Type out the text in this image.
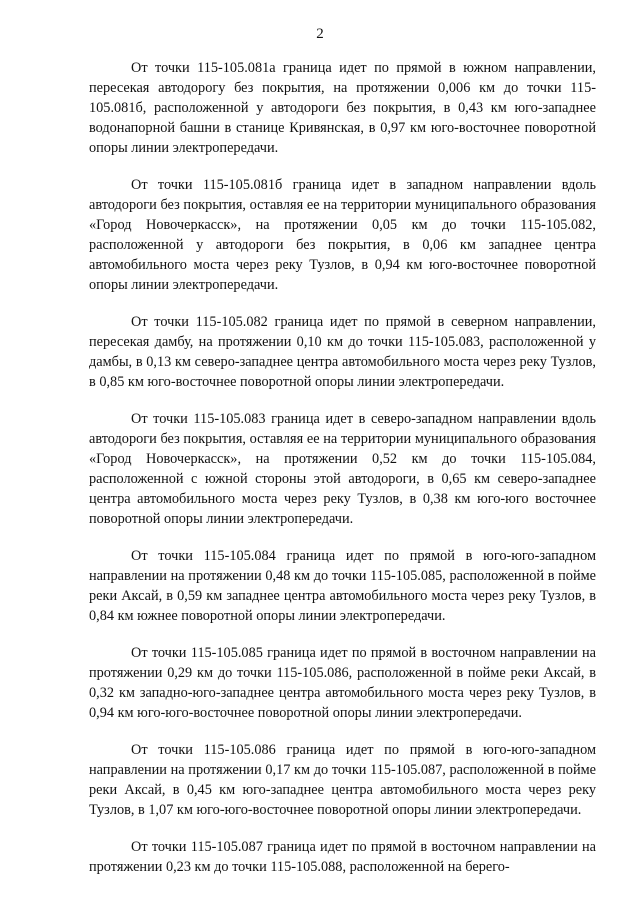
2

От точки 115-105.081а граница идет по прямой в южном направлении, пересекая автодорогу без покрытия, на протяжении 0,006 км до точки 115-105.081б, расположенной у автодороги без покрытия, в 0,43 км юго-западнее водонапорной башни в станице Кривянская, в 0,97 км юго-восточнее поворотной опоры линии электропередачи.

От точки 115-105.081б граница идет в западном направлении вдоль автодороги без покрытия, оставляя ее на территории муниципального образования «Город Новочеркасск», на протяжении 0,05 км до точки 115-105.082, расположенной у автодороги без покрытия, в 0,06 км западнее центра автомобильного моста через реку Тузлов, в 0,94 км юго-восточнее поворотной опоры линии электропередачи.

От точки 115-105.082 граница идет по прямой в северном направлении, пересекая дамбу, на протяжении 0,10 км до точки 115-105.083, расположенной у дамбы, в 0,13 км северо-западнее центра автомобильного моста через реку Тузлов, в 0,85 км юго-восточнее поворотной опоры линии электропередачи.

От точки 115-105.083 граница идет в северо-западном направлении вдоль автодороги без покрытия, оставляя ее на территории муниципального образования «Город Новочеркасск», на протяжении 0,52 км до точки 115-105.084, расположенной с южной стороны этой автодороги, в 0,65 км северо-западнее центра автомобильного моста через реку Тузлов, в 0,38 км юго-юго восточнее поворотной опоры линии электропередачи.

От точки 115-105.084 граница идет по прямой в юго-юго-западном направлении на протяжении 0,48 км до точки 115-105.085, расположенной в пойме реки Аксай, в 0,59 км западнее центра автомобильного моста через реку Тузлов, в 0,84 км южнее поворотной опоры линии электропередачи.

От точки 115-105.085 граница идет по прямой в восточном направлении на протяжении 0,29 км до точки 115-105.086, расположенной в пойме реки Аксай, в 0,32 км западно-юго-западнее центра автомобильного моста через реку Тузлов, в 0,94 км юго-юго-восточнее поворотной опоры линии электропередачи.

От точки 115-105.086 граница идет по прямой в юго-юго-западном направлении на протяжении 0,17 км до точки 115-105.087, расположенной в пойме реки Аксай, в 0,45 км юго-западнее центра автомобильного моста через реку Тузлов, в 1,07 км юго-юго-восточнее поворотной опоры линии электропередачи.

От точки 115-105.087 граница идет по прямой в восточном направлении на протяжении 0,23 км до точки 115-105.088, расположенной на берего-
